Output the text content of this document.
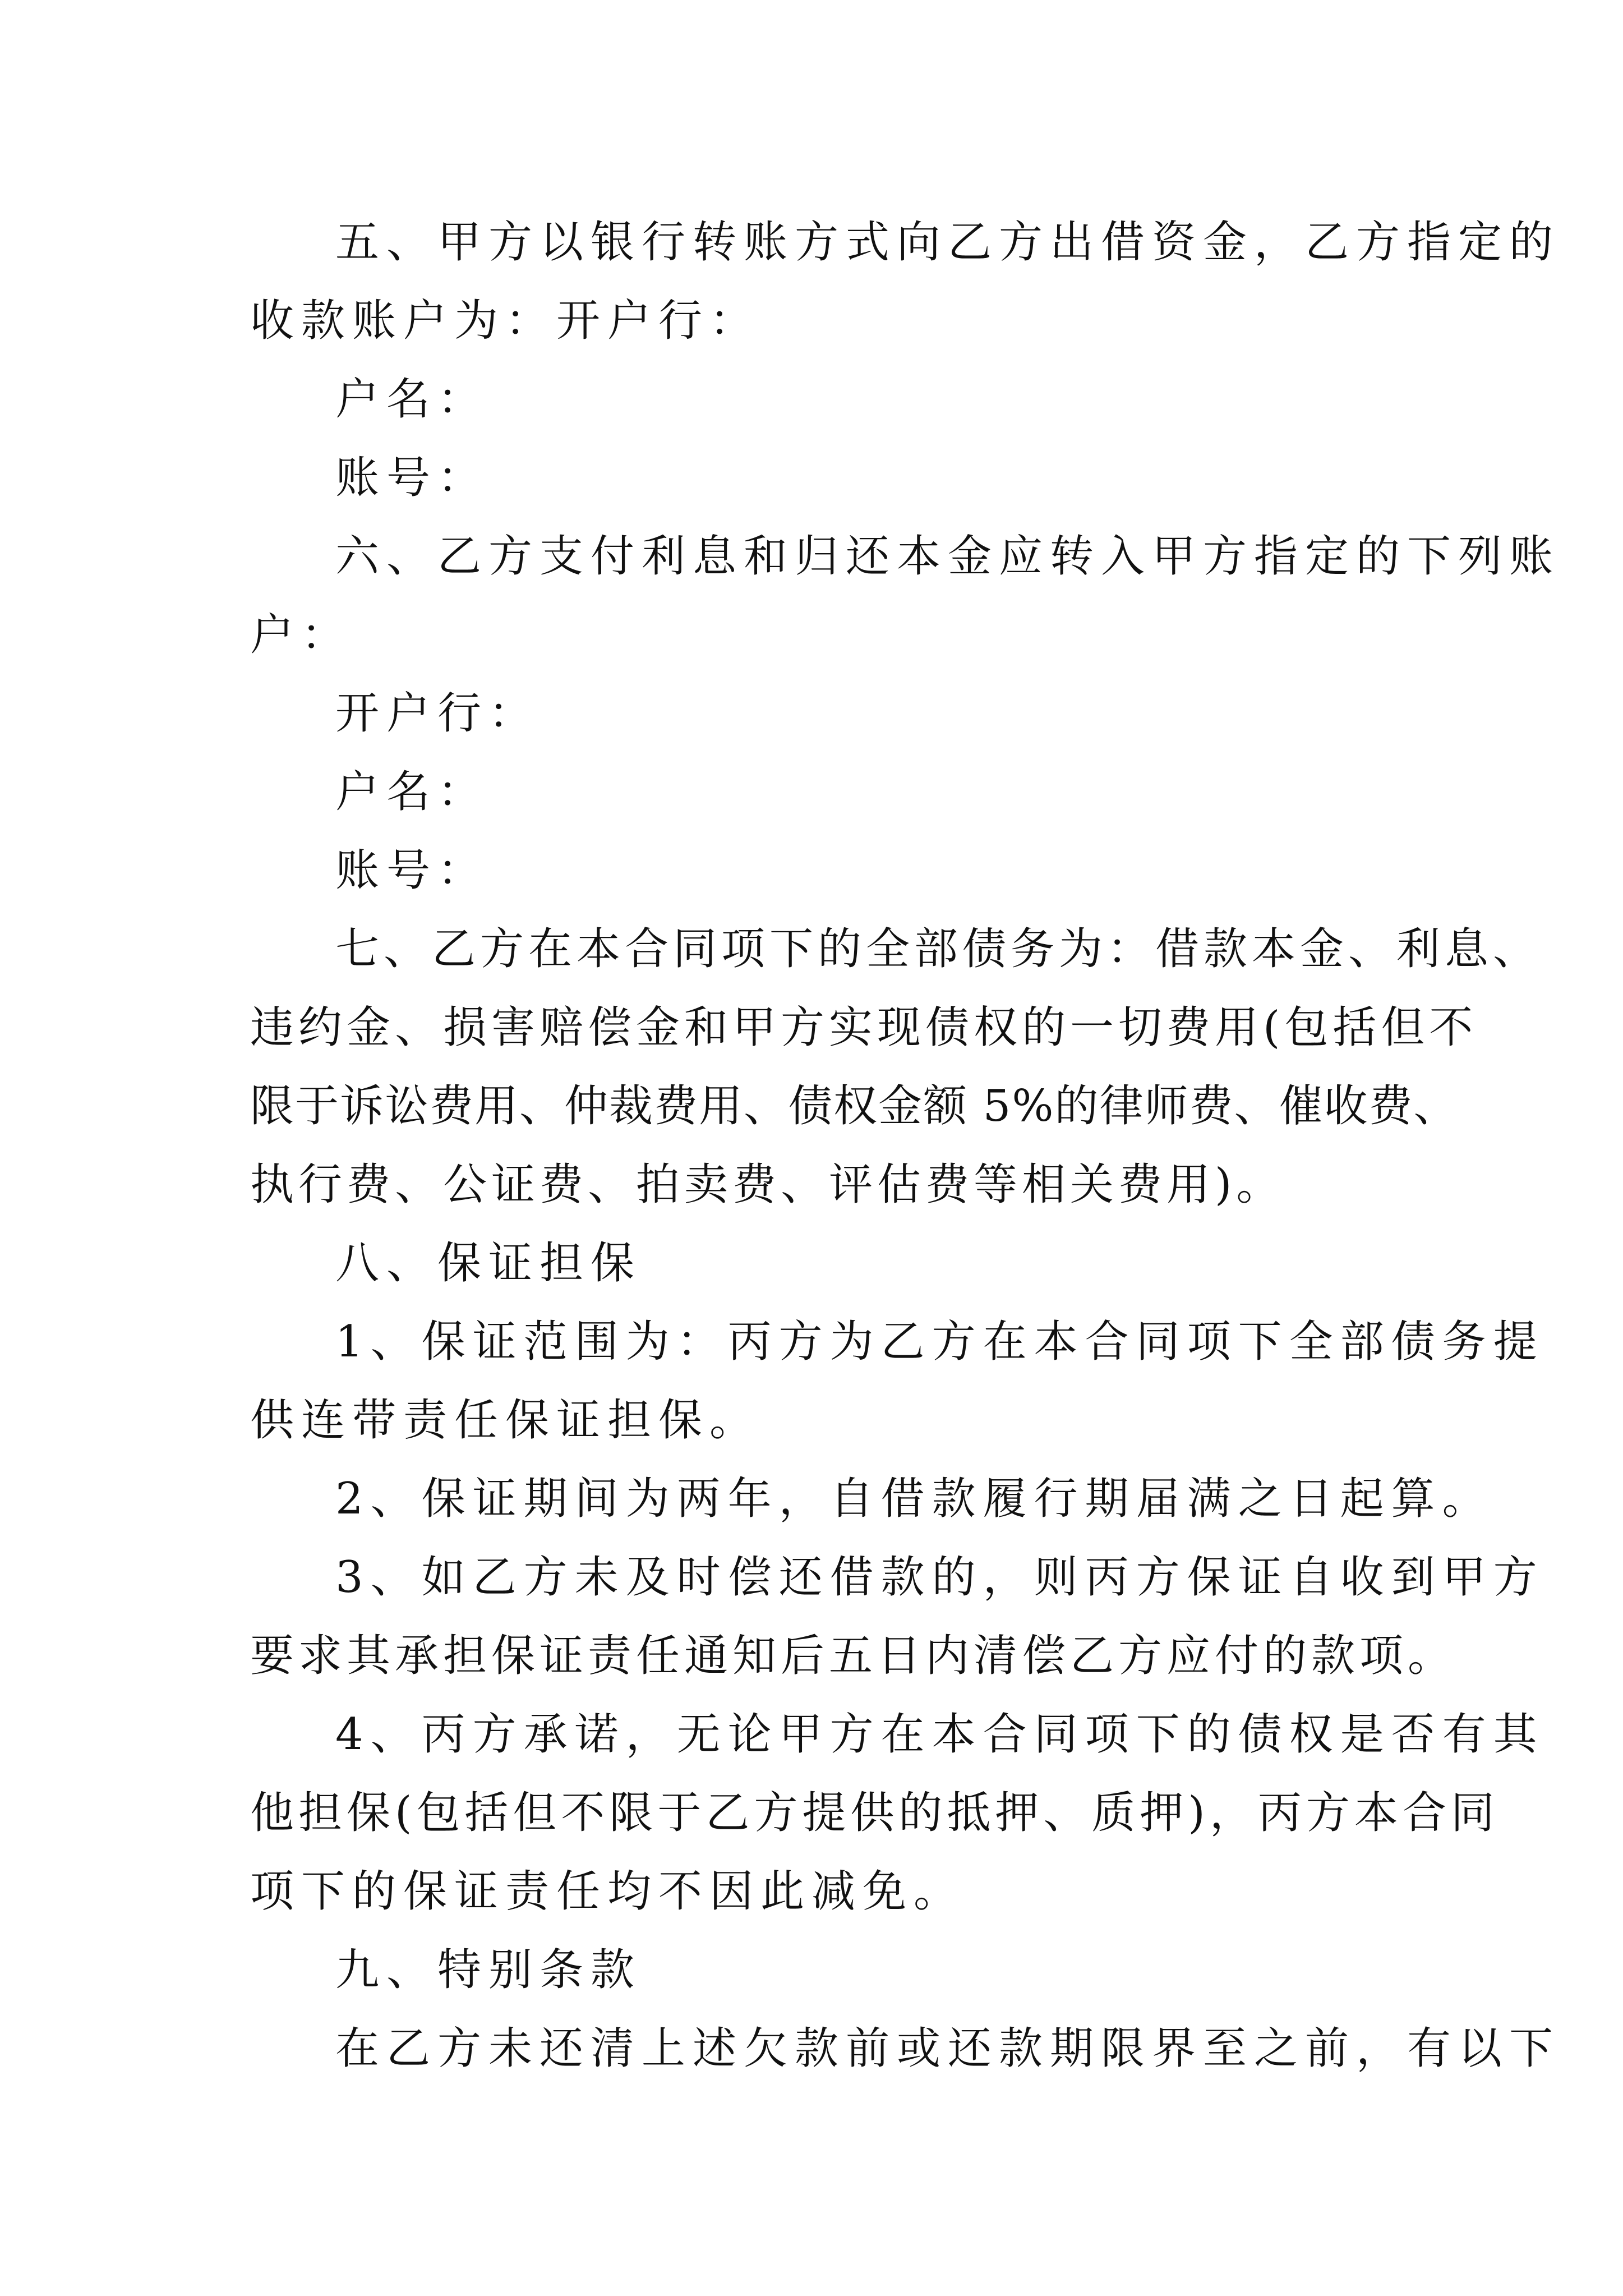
五、甲方以银行转账方式向乙方出借资金，乙方指定的
收款账户为：开户行：
户名：
账号：
六、乙方支付利息和归还本金应转入甲方指定的下列账
户：
开户行：
户名：
账号：
七、乙方在本合同项下的全部债务为：借款本金、利息、
违约金、损害赔偿金和甲方实现债权的一切费用(包括但不
限于诉讼费用、仲裁费用、债权金额 5%的律师费、催收费、
执行费、公证费、拍卖费、评估费等相关费用)。
八、保证担保
1、保证范围为：丙方为乙方在本合同项下全部债务提
供连带责任保证担保。
2、保证期间为两年，自借款履行期届满之日起算。
3、如乙方未及时偿还借款的，则丙方保证自收到甲方
要求其承担保证责任通知后五日内清偿乙方应付的款项。
4、丙方承诺，无论甲方在本合同项下的债权是否有其
他担保(包括但不限于乙方提供的抵押、质押)，丙方本合同
项下的保证责任均不因此减免。
九、特别条款
在乙方未还清上述欠款前或还款期限界至之前，有以下
